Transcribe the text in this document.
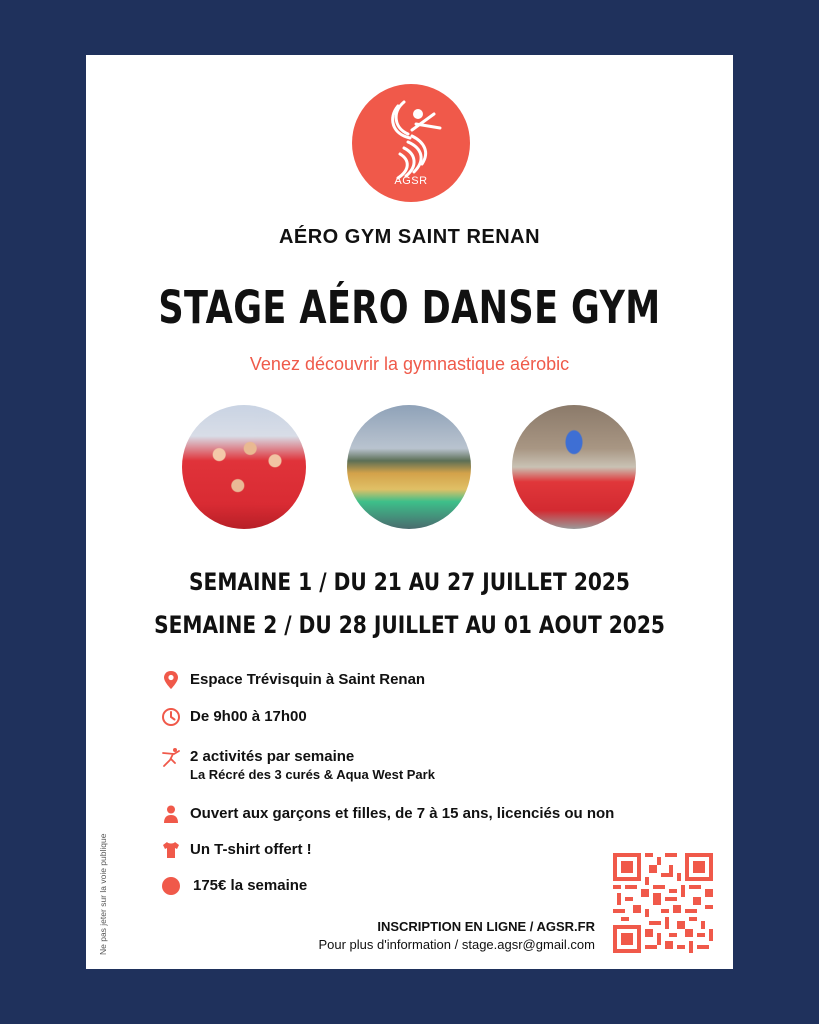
AGSR
AÉRO GYM SAINT RENAN
STAGE AÉRO DANSE GYM
Venez découvrir la gymnastique aérobic
SEMAINE 1 / DU 21 AU 27 JUILLET 2025
SEMAINE 2 / DU 28 JUILLET AU 01 AOUT 2025
Espace Trévisquin à Saint Renan
De 9h00 à 17h00
2 activités par semaine
La Récré des 3 curés & Aqua West Park
Ouvert aux garçons et filles, de 7 à 15 ans, licenciés ou non
Un T-shirt offert !
175€ la semaine
Ne pas jeter sur la voie publique	INSCRIPTION EN LIGNE / AGSR.FR
Pour plus d'information / stage.agsr@gmail.com
